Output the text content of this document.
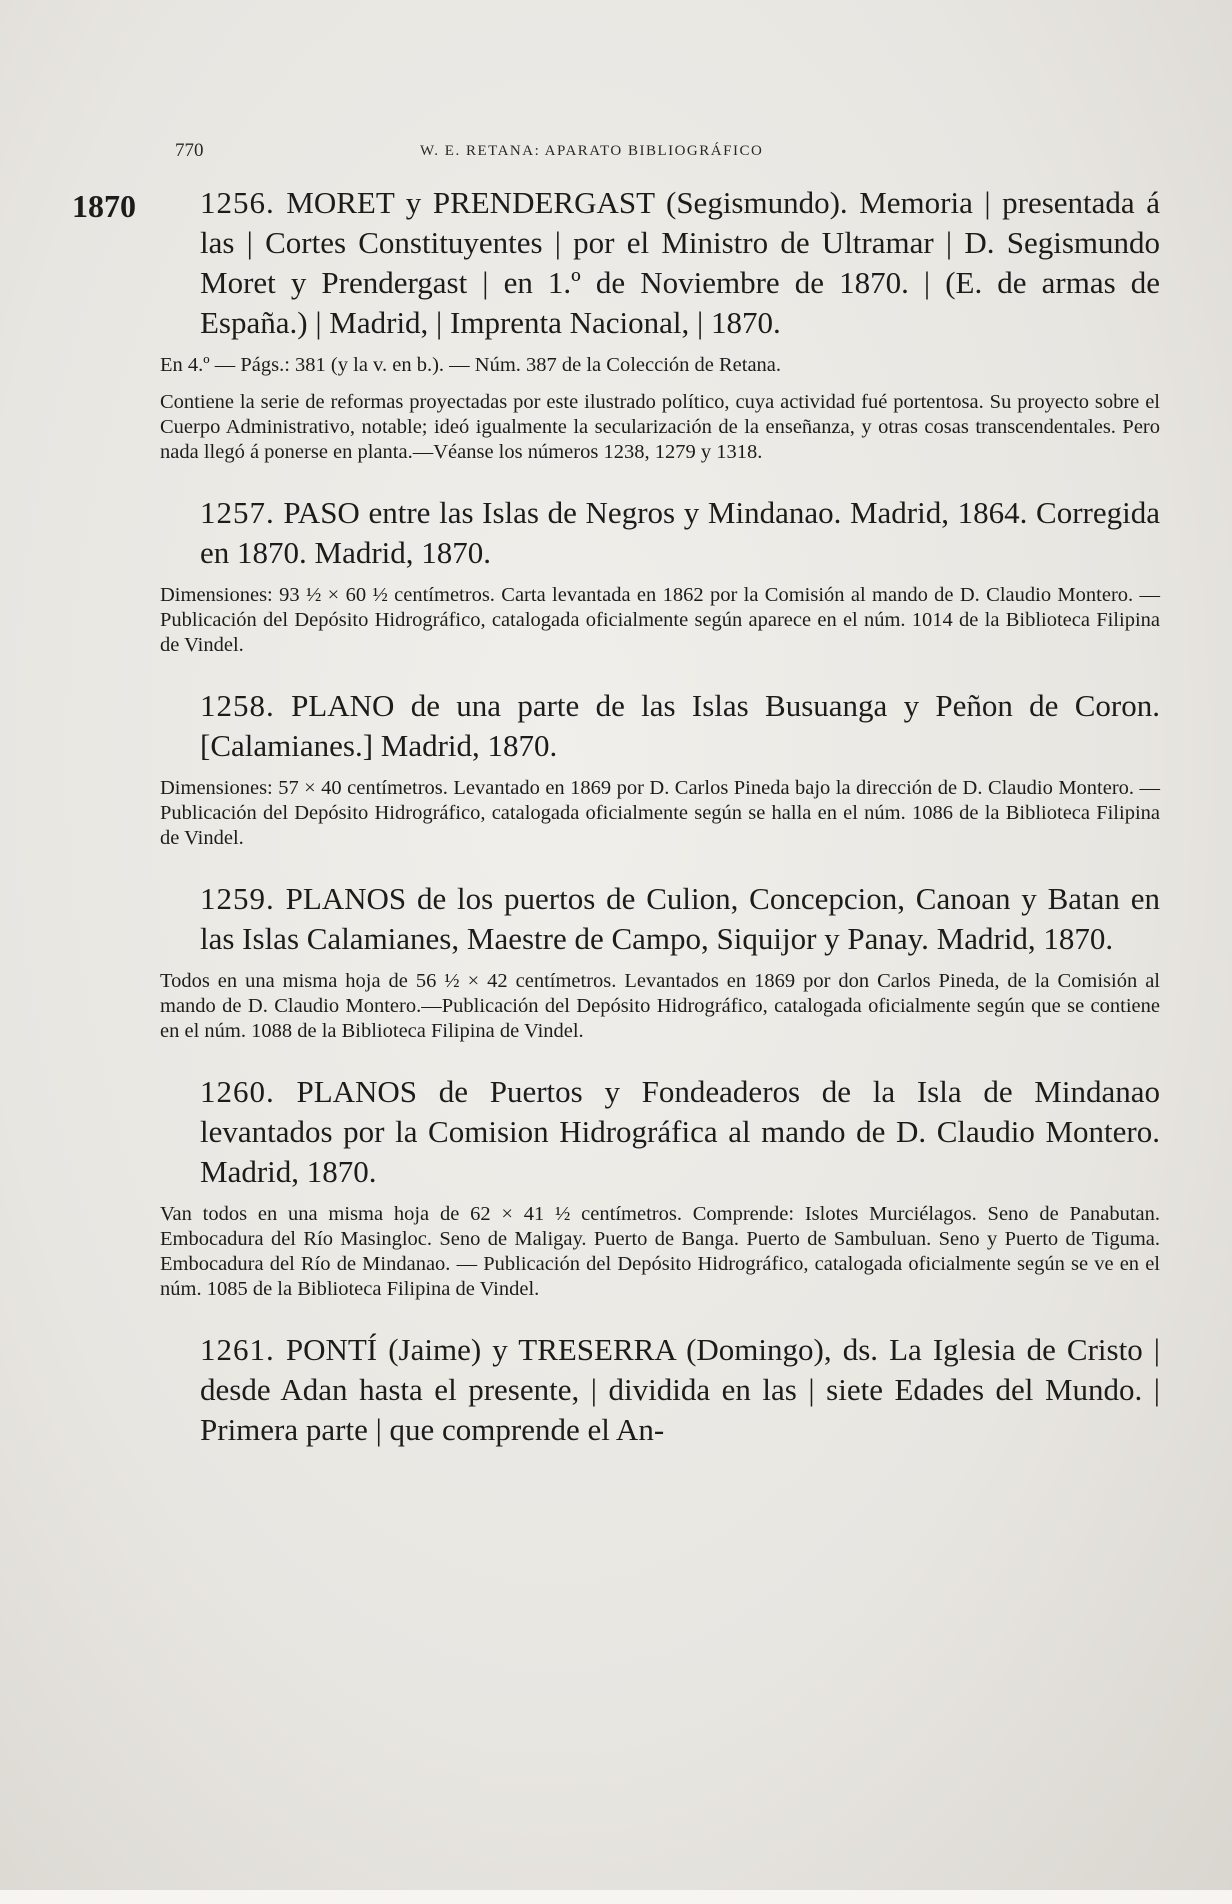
770	W. E. RETANA: APARATO BIBLIOGRÁFICO
1870	1256. MORET y PRENDERGAST (Segismundo). Memoria | presentada á las | Cortes Constituyentes | por el Ministro de Ultramar | D. Segismundo Moret y Prendergast | en 1.º de Noviembre de 1870. | (E. de armas de España.) | Madrid, | Imprenta Nacional, | 1870.

En 4.º — Págs.: 381 (y la v. en b.). — Núm. 387 de la Colección de Retana.

Contiene la serie de reformas proyectadas por este ilustrado político, cuya actividad fué portentosa. Su proyecto sobre el Cuerpo Administrativo, notable; ideó igualmente la secularización de la enseñanza, y otras cosas transcendentales. Pero nada llegó á ponerse en planta.—Véanse los números 1238, 1279 y 1318.

1257. PASO entre las Islas de Negros y Mindanao. Madrid, 1864. Corregida en 1870. Madrid, 1870.

Dimensiones: 93 ½ × 60 ½ centímetros. Carta levantada en 1862 por la Comisión al mando de D. Claudio Montero. — Publicación del Depósito Hidrográfico, catalogada oficialmente según aparece en el núm. 1014 de la Biblioteca Filipina de Vindel.

1258. PLANO de una parte de las Islas Busuanga y Peñon de Coron. [Calamianes.] Madrid, 1870.

Dimensiones: 57 × 40 centímetros. Levantado en 1869 por D. Carlos Pineda bajo la dirección de D. Claudio Montero. — Publicación del Depósito Hidrográfico, catalogada oficialmente según se halla en el núm. 1086 de la Biblioteca Filipina de Vindel.

1259. PLANOS de los puertos de Culion, Concepcion, Canoan y Batan en las Islas Calamianes, Maestre de Campo, Siquijor y Panay. Madrid, 1870.

Todos en una misma hoja de 56 ½ × 42 centímetros. Levantados en 1869 por don Carlos Pineda, de la Comisión al mando de D. Claudio Montero.—Publicación del Depósito Hidrográfico, catalogada oficialmente según que se contiene en el núm. 1088 de la Biblioteca Filipina de Vindel.

1260. PLANOS de Puertos y Fondeaderos de la Isla de Mindanao levantados por la Comision Hidrográfica al mando de D. Claudio Montero. Madrid, 1870.

Van todos en una misma hoja de 62 × 41 ½ centímetros. Comprende: Islotes Murciélagos. Seno de Panabutan. Embocadura del Río Masingloc. Seno de Maligay. Puerto de Banga. Puerto de Sambuluan. Seno y Puerto de Tiguma. Embocadura del Río de Mindanao. — Publicación del Depósito Hidrográfico, catalogada oficialmente según se ve en el núm. 1085 de la Biblioteca Filipina de Vindel.

1261. PONTÍ (Jaime) y TRESERRA (Domingo), ds. La Iglesia de Cristo | desde Adan hasta el presente, | dividida en las | siete Edades del Mundo. | Primera parte | que comprende el An-
